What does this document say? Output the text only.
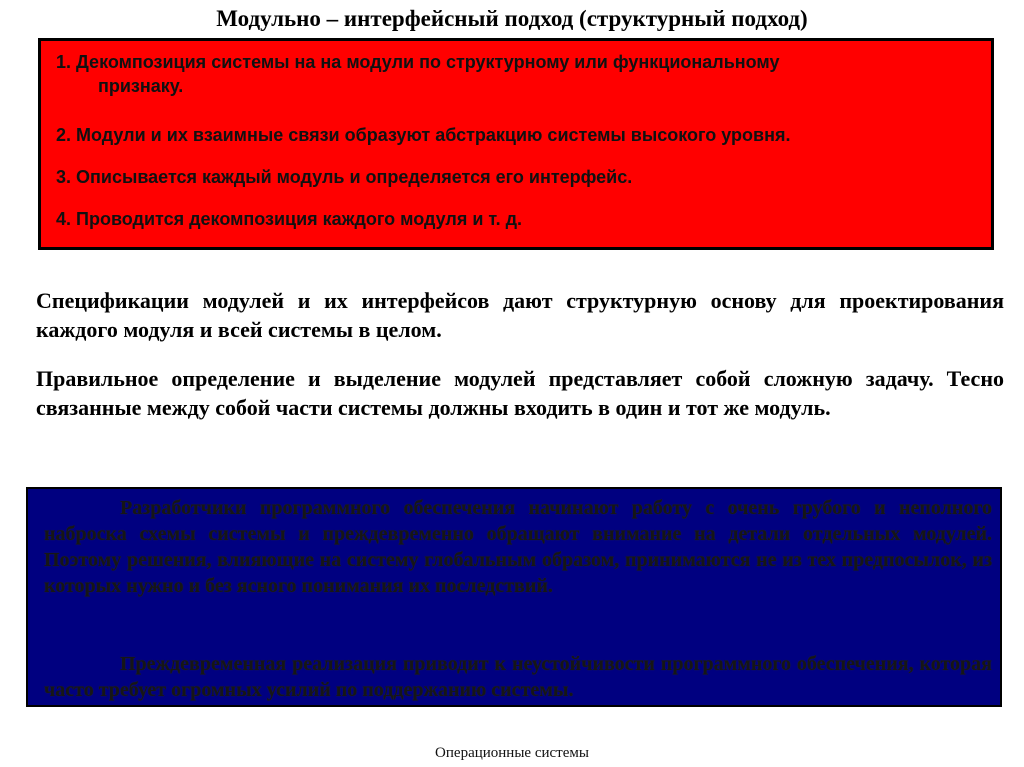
Модульно – интерфейсный подход (структурный подход)
1. Декомпозиция системы на на модули по структурному или функциональному
признаку.
2. Модули и их взаимные связи образуют абстракцию системы высокого уровня.
3. Описывается каждый модуль и определяется его интерфейс.
4. Проводится декомпозиция каждого модуля и т. д.
Спецификации модулей и их интерфейсов дают структурную основу для проектирования каждого модуля и всей системы в целом.
Правильное определение и выделение модулей представляет собой сложную задачу. Тесно связанные между собой части системы должны входить в один и тот же модуль.
Разработчики программного обеспечения начинают работу с очень грубого и неполного наброска схемы системы и преждевременно обращают внимание на детали отдельных модулей. Поэтому решения, влияющие на систему глобальным образом, принимаются не из тех предпосылок, из которых нужно и без ясного понимания их последствий.
Преждевременная реализация приводит к неустойчивости программного обеспечения, которая часто требует огромных усилий по поддержанию системы.
Операционные системы
